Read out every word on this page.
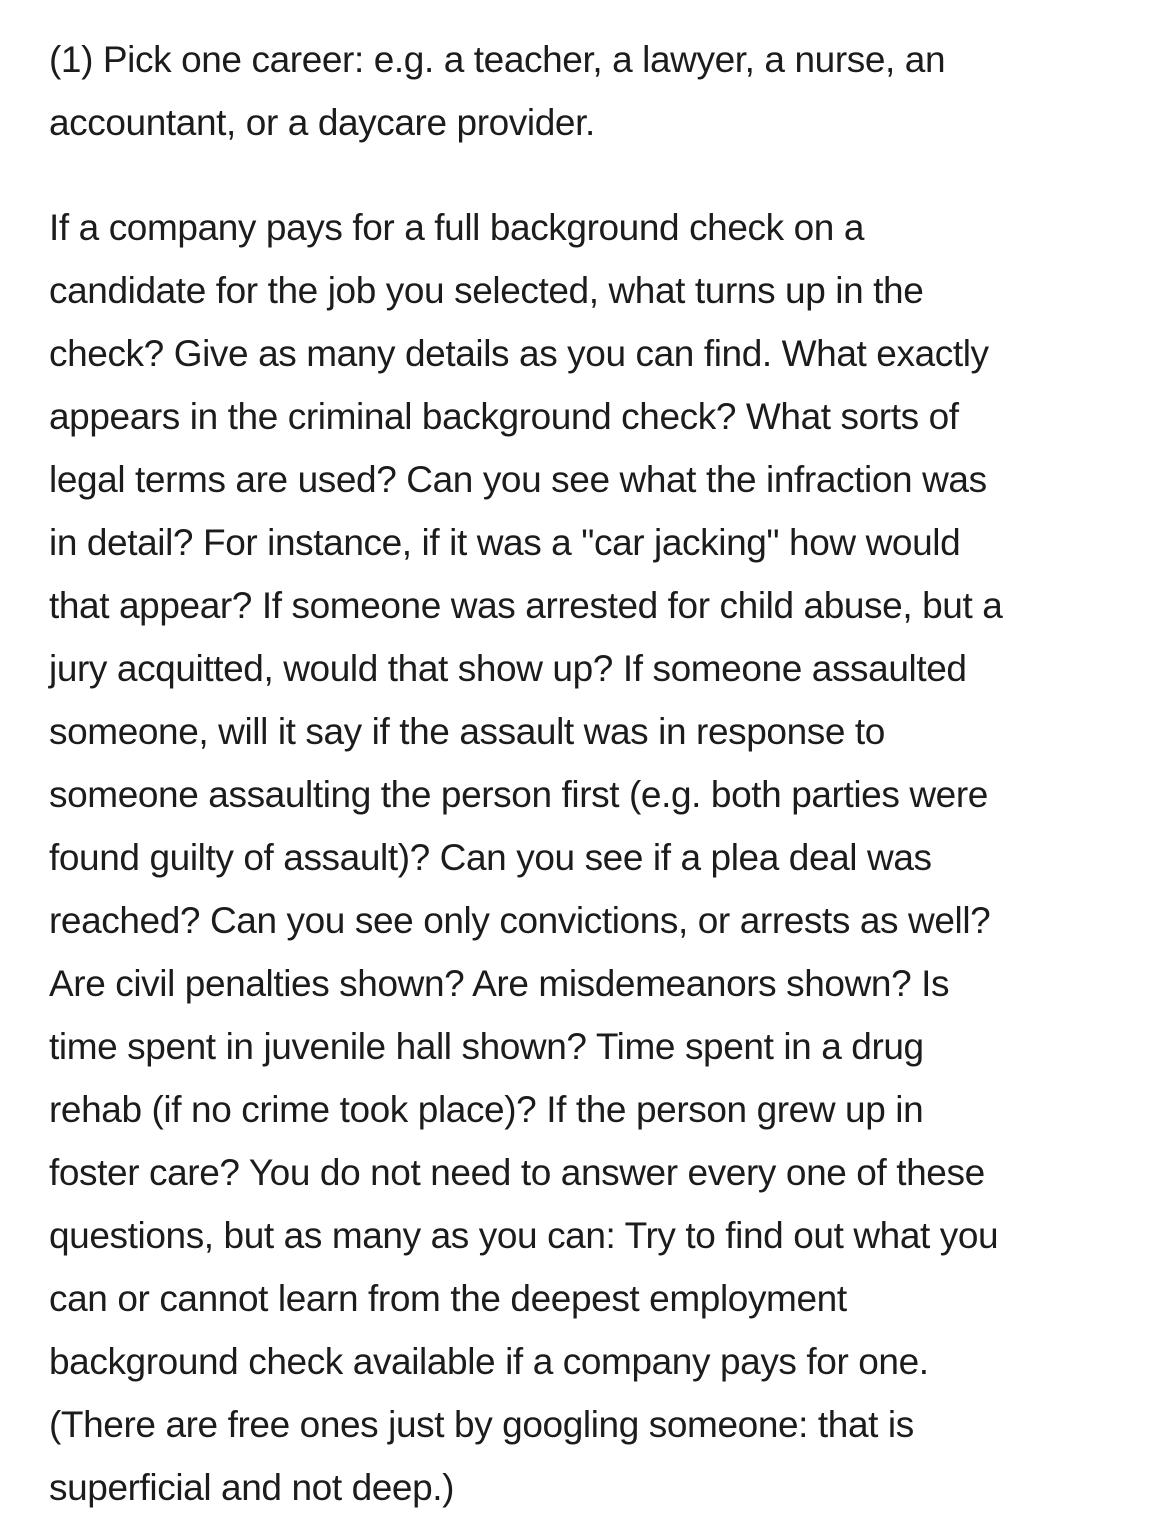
(1) Pick one career: e.g. a teacher, a lawyer, a nurse, an
accountant, or a daycare provider.

If a company pays for a full background check on a
candidate for the job you selected, what turns up in the
check? Give as many details as you can find. What exactly
appears in the criminal background check? What sorts of
legal terms are used? Can you see what the infraction was
in detail? For instance, if it was a "car jacking" how would
that appear? If someone was arrested for child abuse, but a
jury acquitted, would that show up? If someone assaulted
someone, will it say if the assault was in response to
someone assaulting the person first (e.g. both parties were
found guilty of assault)? Can you see if a plea deal was
reached? Can you see only convictions, or arrests as well?
Are civil penalties shown? Are misdemeanors shown? Is
time spent in juvenile hall shown? Time spent in a drug
rehab (if no crime took place)? If the person grew up in
foster care? You do not need to answer every one of these
questions, but as many as you can: Try to find out what you
can or cannot learn from the deepest employment
background check available if a company pays for one.
(There are free ones just by googling someone: that is
superficial and not deep.)
